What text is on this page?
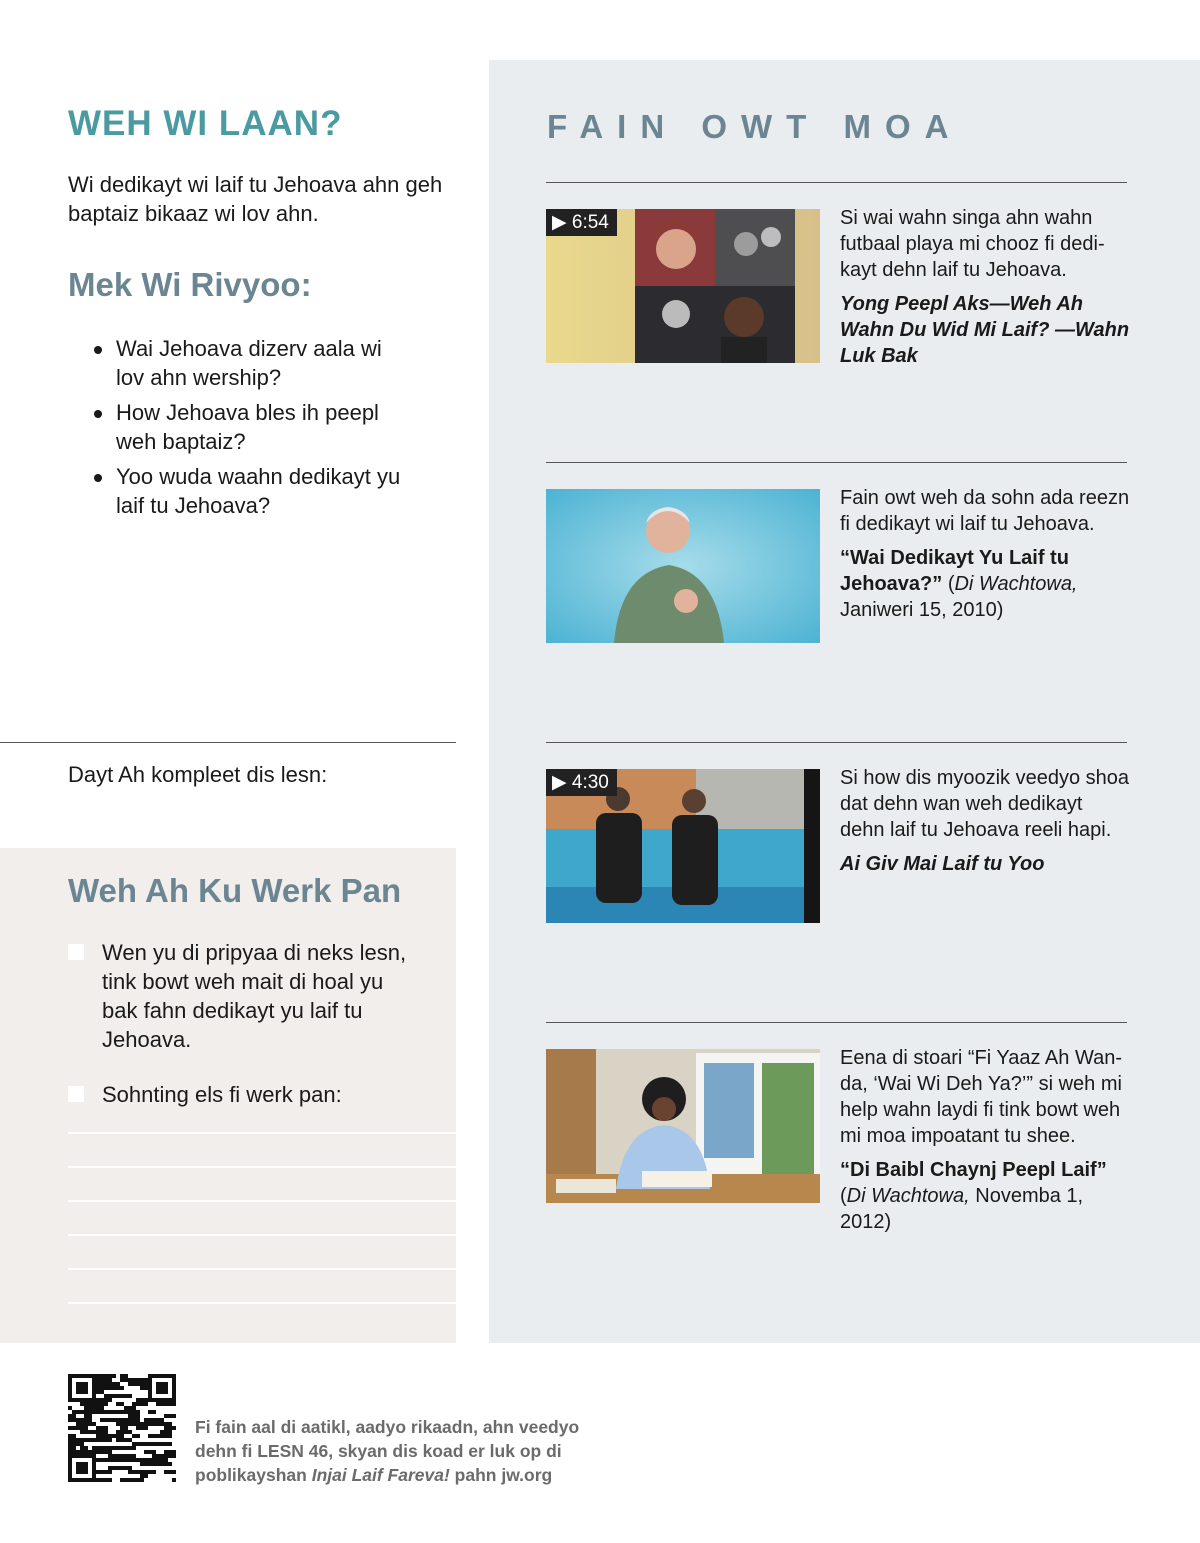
WEH WI LAAN?
Wi dedikayt wi laif tu Jehoava ahn geh baptaiz bikaaz wi lov ahn.
Mek Wi Rivyoo:
Wai Jehoava dizerv aala wi lov ahn wership?
How Jehoava bles ih peepl weh baptaiz?
Yoo wuda waahn dedikayt yu laif tu Jehoava?
Dayt Ah kompleet dis lesn:
Weh Ah Ku Werk Pan
Wen yu di pripyaa di neks lesn, tink bowt weh mait di hoal yu bak fahn dedikayt yu laif tu Jehoava.
Sohnting els fi werk pan:
FAIN OWT MOA
▶ 6:54	Si wai wahn singa ahn wahn futbaal playa mi chooz fi dedikayt dehn laif tu Jehoava.
Yong Peepl Aks—Weh Ah Wahn Du Wid Mi Laif? —Wahn Luk Bak
Fain owt weh da sohn ada reezn fi dedikayt wi laif tu Jehoava.
“Wai Dedikayt Yu Laif tu Jehoava?” (Di Wachtowa,
Janiweri 15, 2010)
▶ 4:30	Si how dis myoozik veedyo shoa dat dehn wan weh dedikayt dehn laif tu Jehoava reeli hapi.
Ai Giv Mai Laif tu Yoo
Eena di stoari “Fi Yaaz Ah Wanda, ‘Wai Wi Deh Ya?’” si weh mi help wahn laydi fi tink bowt weh mi moa impoatant tu shee.
“Di Baibl Chaynj Peepl Laif”
(Di Wachtowa, Novemba 1, 2012)
Fi fain aal di aatikl, aadyo rikaadn, ahn veedyo dehn fi LESN 46, skyan dis koad er luk op di poblikayshan Injai Laif Fareva! pahn jw.org
